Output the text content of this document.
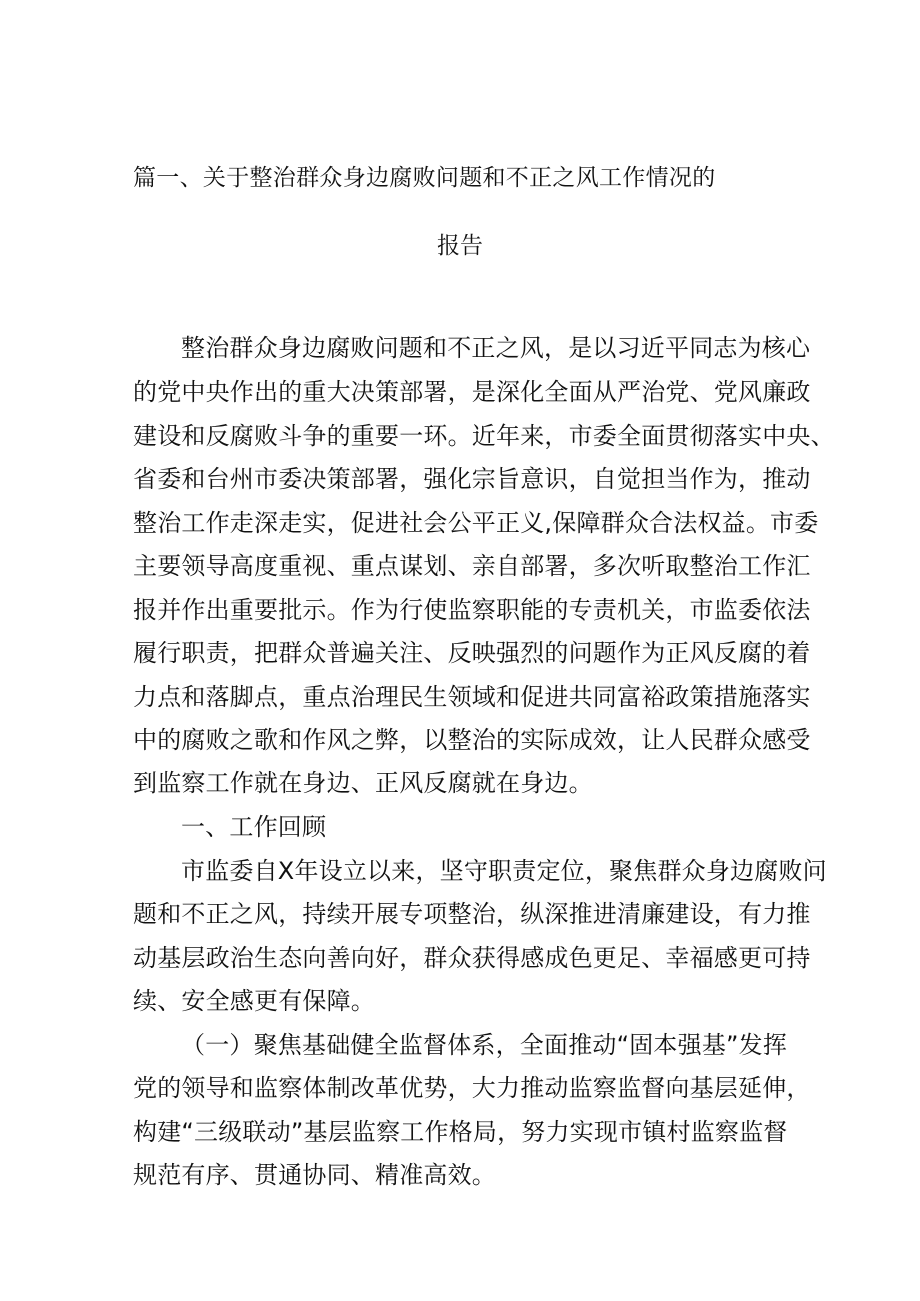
篇一、关于整治群众身边腐败问题和不正之风工作情况的
报告
整治群众身边腐败问题和不正之风，是以习近平同志为核心
的党中央作出的重大决策部署，是深化全面从严治党、党风廉政
建设和反腐败斗争的重要一环。近年来，市委全面贯彻落实中央、
省委和台州市委决策部署，强化宗旨意识，自觉担当作为，推动
整治工作走深走实，促进社会公平正义,保障群众合法权益。市委
主要领导高度重视、重点谋划、亲自部署，多次听取整治工作汇
报并作出重要批示。作为行使监察职能的专责机关，市监委依法
履行职责，把群众普遍关注、反映强烈的问题作为正风反腐的着
力点和落脚点，重点治理民生领域和促进共同富裕政策措施落实
中的腐败之歌和作风之弊，以整治的实际成效，让人民群众感受
到监察工作就在身边、正风反腐就在身边。
一、工作回顾
市监委自X年设立以来，坚守职责定位，聚焦群众身边腐败问
题和不正之风，持续开展专项整治，纵深推进清廉建设，有力推
动基层政治生态向善向好，群众获得感成色更足、幸福感更可持
续、安全感更有保障。
（一）聚焦基础健全监督体系，全面推动“固本强基”发挥
党的领导和监察体制改革优势，大力推动监察监督向基层延伸，
构建“三级联动”基层监察工作格局，努力实现市镇村监察监督
规范有序、贯通协同、精准高效。
